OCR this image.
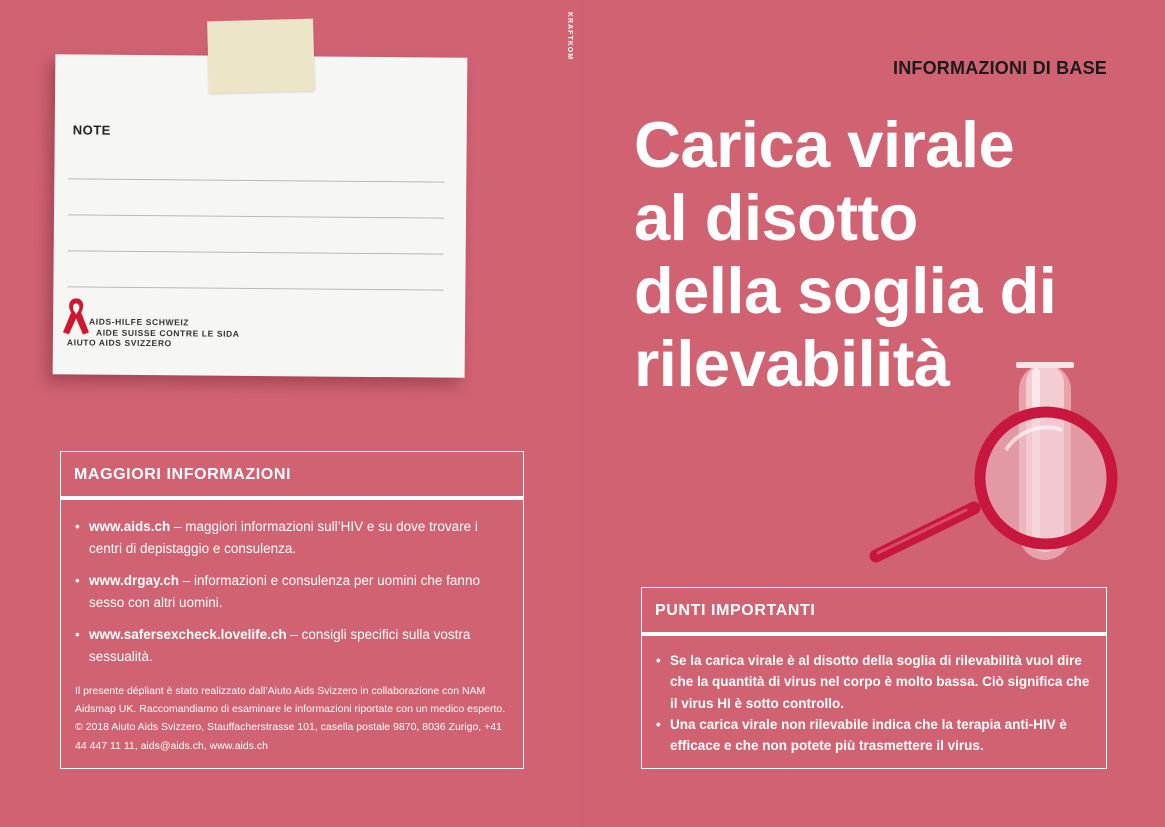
NOTE
AIDS-HILFE SCHWEIZ
AIDE SUISSE CONTRE LE SIDA
AIUTO AIDS SVIZZERO
MAGGIORI INFORMAZIONI
• www.aids.ch – maggiori informazioni sull’HIV e su dove trovare i centri di depistaggio e consulenza.
• www.drgay.ch – informazioni e consulenza per uomini che fanno sesso con altri uomini.
• www.safersexcheck.lovelife.ch – consigli specifici sulla vostra sessualità.
Il presente dépliant è stato realizzato dall’Aiuto Aids Svizzero in collaborazione con NAM Aidsmap UK. Raccomandiamo di esaminare le informazioni riportate con un medico esperto. © 2018 Aiuto Aids Svizzero, Stauffacherstrasse 101, casella postale 9870, 8036 Zurigo, +41 44 447 11 11, aids@aids.ch, www.aids.ch
KRAFTKOM
INFORMAZIONI DI BASE
Carica virale
al disotto
della soglia di
rilevabilità
PUNTI IMPORTANTI
• Se la carica virale è al disotto della soglia di rilevabilità vuol dire che la quantità di virus nel corpo è molto bassa. Ciò significa che il virus HI è sotto controllo.
• Una carica virale non rilevabile indica che la terapia anti-HIV è efficace e che non potete più trasmettere il virus.
